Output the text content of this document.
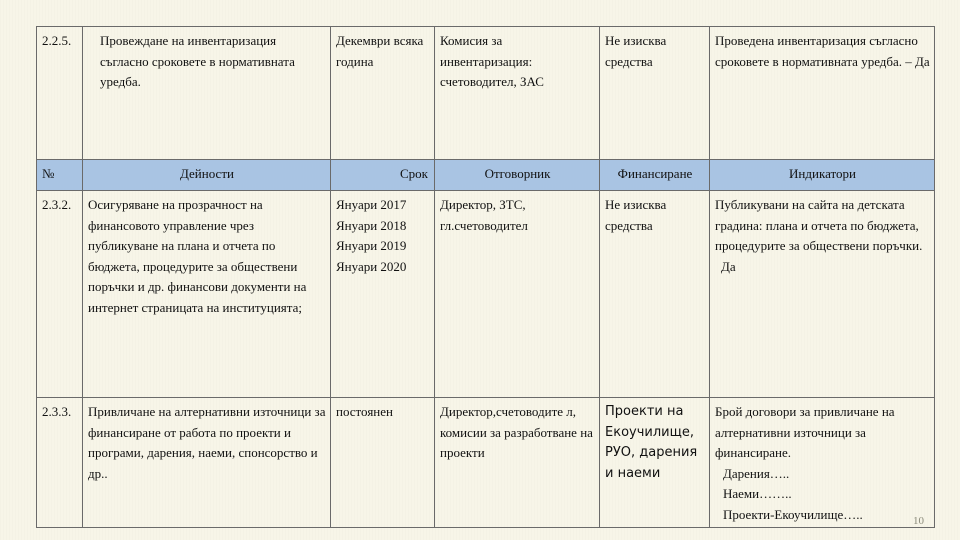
2.2.5.	Провеждане на инвентаризация съгласно сроковете в нормативната уредба.	Декември всяка година	Комисия за инвентаризация: счетоводител, ЗАС	Не изисква средства	Проведена инвентаризация съгласно сроковете в нормативната уредба. – Да
№	Дейности	Срок	Отговорник	Финансиране	Индикатори
2.3.2.	Осигуряване на прозрачност на финансовото управление чрез публикуване на плана и отчета по бюджета, процедурите за обществени поръчки и др. финансови документи на интернет страницата на институцията;	Януари 2017
Януари 2018
Януари 2019
Януари 2020	Директор, ЗТС, гл.счетоводител	Не изисква средства	Публикувани на сайта на детската градина: плана и отчета по бюджета, процедурите за обществени поръчки.
Да

2.3.3.	Привличане на алтернативни източници за финансиране от работа по проекти и програми, дарения, наеми, спонсорство и др..	постоянен	Директор,счетоводите л, комисии за разработване на проекти	Проекти на Екоучилище, РУО, дарения и наеми	Брой договори за привличане на алтернативни източници за финансиране.
Дарения…..
Наеми……..
Проекти-Екоучилище…..	10
